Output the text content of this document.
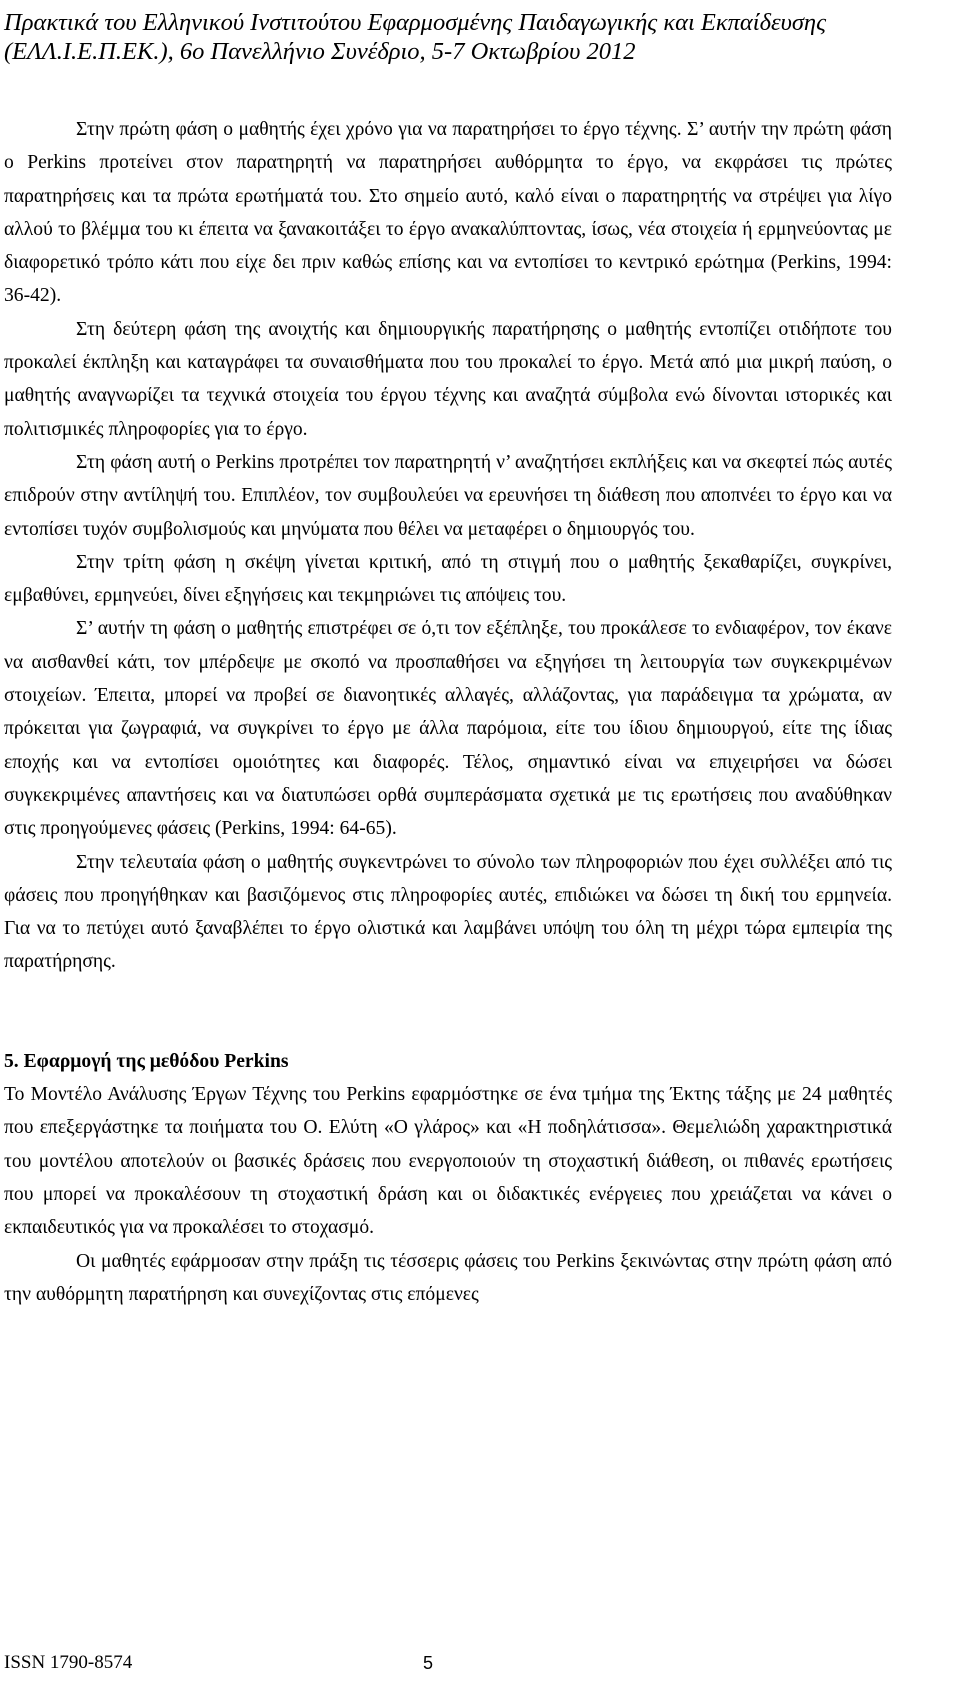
Πρακτικά του Ελληνικού Ινστιτούτου Εφαρμοσμένης Παιδαγωγικής και Εκπαίδευσης
(ΕΛΛ.Ι.Ε.Π.ΕΚ.), 6ο Πανελλήνιο Συνέδριο, 5-7 Οκτωβρίου 2012

Στην πρώτη φάση ο μαθητής έχει χρόνο για να παρατηρήσει το έργο τέχνης. Σ’ αυτήν την πρώτη φάση ο Perkins προτείνει στον παρατηρητή να παρατηρήσει αυθόρμητα το έργο, να εκφράσει τις πρώτες παρατηρήσεις και τα πρώτα ερωτήματά του. Στο σημείο αυτό, καλό είναι ο παρατηρητής να στρέψει για λίγο αλλού το βλέμμα του κι έπειτα να ξανακοιτάξει το έργο ανακαλύπτοντας, ίσως, νέα στοιχεία ή ερμηνεύοντας με διαφορετικό τρόπο κάτι που είχε δει πριν καθώς επίσης και να εντοπίσει το κεντρικό ερώτημα (Perkins, 1994: 36-42).

Στη δεύτερη φάση της ανοιχτής και δημιουργικής παρατήρησης ο μαθητής εντοπίζει οτιδήποτε του προκαλεί έκπληξη και καταγράφει τα συναισθήματα που του προκαλεί το έργο. Μετά από μια μικρή παύση, ο μαθητής αναγνωρίζει τα τεχνικά στοιχεία του έργου τέχνης και αναζητά σύμβολα ενώ δίνονται ιστορικές και πολιτισμικές πληροφορίες για το έργο.

Στη φάση αυτή ο Perkins προτρέπει τον παρατηρητή ν’ αναζητήσει εκπλήξεις και να σκεφτεί πώς αυτές επιδρούν στην αντίληψή του. Επιπλέον, τον συμβουλεύει να ερευνήσει τη διάθεση που αποπνέει το έργο και να εντοπίσει τυχόν συμβολισμούς και μηνύματα που θέλει να μεταφέρει ο δημιουργός του.

Στην τρίτη φάση η σκέψη γίνεται κριτική, από τη στιγμή που ο μαθητής ξεκαθαρίζει, συγκρίνει, εμβαθύνει, ερμηνεύει, δίνει εξηγήσεις και τεκμηριώνει τις απόψεις του.

Σ’ αυτήν τη φάση ο μαθητής επιστρέφει σε ό,τι τον εξέπληξε, του προκάλεσε το ενδιαφέρον, τον έκανε να αισθανθεί κάτι, τον μπέρδεψε με σκοπό να προσπαθήσει να εξηγήσει τη λειτουργία των συγκεκριμένων στοιχείων. Έπειτα, μπορεί να προβεί σε διανοητικές αλλαγές, αλλάζοντας, για παράδειγμα τα χρώματα, αν πρόκειται για ζωγραφιά, να συγκρίνει το έργο με άλλα παρόμοια, είτε του ίδιου δημιουργού, είτε της ίδιας εποχής και να εντοπίσει ομοιότητες και διαφορές. Τέλος, σημαντικό είναι να επιχειρήσει να δώσει συγκεκριμένες απαντήσεις και να διατυπώσει ορθά συμπεράσματα σχετικά με τις ερωτήσεις που αναδύθηκαν στις προηγούμενες φάσεις (Perkins, 1994: 64-65).

Στην τελευταία φάση ο μαθητής συγκεντρώνει το σύνολο των πληροφοριών που έχει συλλέξει από τις φάσεις που προηγήθηκαν και βασιζόμενος στις πληροφορίες αυτές, επιδιώκει να δώσει τη δική του ερμηνεία. Για να το πετύχει αυτό ξαναβλέπει το έργο ολιστικά και λαμβάνει υπόψη του όλη τη μέχρι τώρα εμπειρία της παρατήρησης.

5. Εφαρμογή της μεθόδου Perkins

Το Μοντέλο Ανάλυσης Έργων Τέχνης του Perkins εφαρμόστηκε σε ένα τμήμα της Έκτης τάξης με 24 μαθητές που επεξεργάστηκε τα ποιήματα του Ο. Ελύτη «Ο γλάρος» και «Η ποδηλάτισσα». Θεμελιώδη χαρακτηριστικά του μοντέλου αποτελούν οι βασικές δράσεις που ενεργοποιούν τη στοχαστική διάθεση, οι πιθανές ερωτήσεις που μπορεί να προκαλέσουν τη στοχαστική δράση και οι διδακτικές ενέργειες που χρειάζεται να κάνει ο εκπαιδευτικός για να προκαλέσει το στοχασμό.

Οι μαθητές εφάρμοσαν στην πράξη τις τέσσερις φάσεις του Perkins ξεκινώντας στην πρώτη φάση από την αυθόρμητη παρατήρηση και συνεχίζοντας στις επόμενες

ISSN 1790-8574	5
